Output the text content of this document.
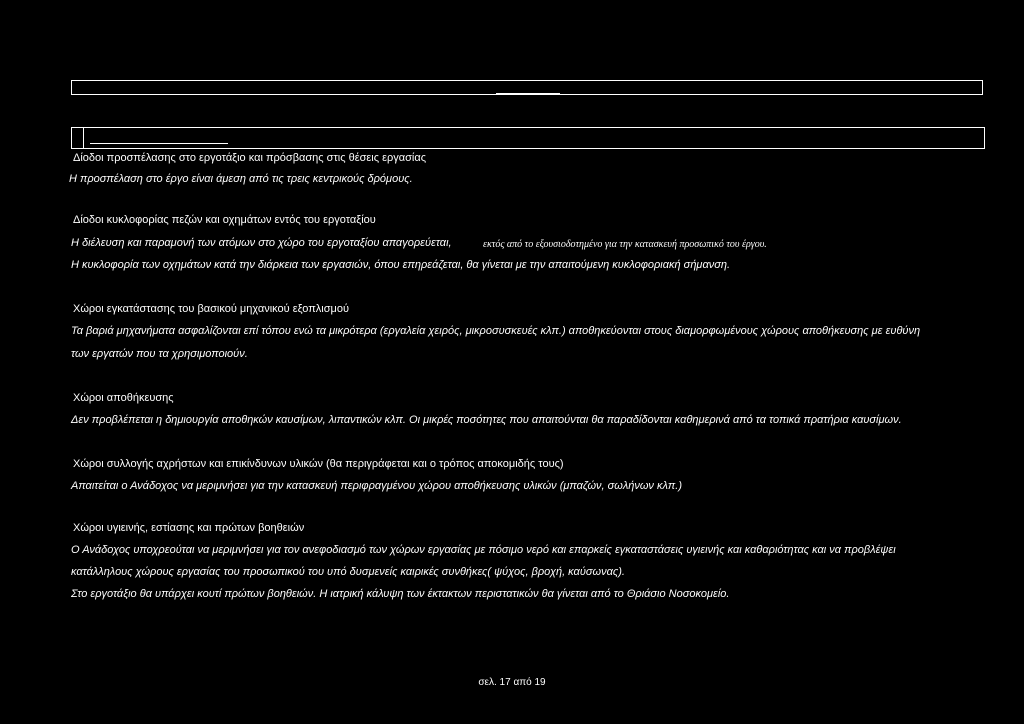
Δίοδοι προσπέλασης στο εργοτάξιο και πρόσβασης στις θέσεις εργασίας
Η προσπέλαση στο έργο είναι άμεση από τις τρεις κεντρικούς δρόμους.
Δίοδοι κυκλοφορίας πεζών και οχημάτων εντός του εργοταξίου
Η διέλευση και παραμονή των ατόμων στο χώρο του εργοταξίου απαγορεύεται,	εκτός από το εξουσιοδοτημένο για την κατασκευή προσωπικό του έργου.
Η κυκλοφορία των οχημάτων κατά την διάρκεια των εργασιών, όπου επηρεάζεται, θα γίνεται με την απαιτούμενη κυκλοφοριακή σήμανση.
Χώροι εγκατάστασης του βασικού μηχανικού εξοπλισμού
Τα βαριά μηχανήματα ασφαλίζονται επί τόπου ενώ τα μικρότερα (εργαλεία χειρός, μικροσυσκευές κλπ.) αποθηκεύονται στους διαμορφωμένους χώρους αποθήκευσης με ευθύνη
των εργατών που τα χρησιμοποιούν.
Χώροι αποθήκευσης
Δεν προβλέπεται η δημιουργία αποθηκών καυσίμων, λιπαντικών κλπ. Οι μικρές ποσότητες που απαιτούνται θα παραδίδονται καθημερινά από τα τοπικά πρατήρια καυσίμων.
Χώροι συλλογής αχρήστων και επικίνδυνων υλικών (θα περιγράφεται και ο τρόπος αποκομιδής τους)
Απαιτείται ο Ανάδοχος να μεριμνήσει για την κατασκευή περιφραγμένου χώρου αποθήκευσης υλικών (μπαζών, σωλήνων κλπ.)
Χώροι υγιεινής, εστίασης και πρώτων βοηθειών
Ο Ανάδοχος υποχρεούται να μεριμνήσει για τον ανεφοδιασμό των χώρων εργασίας με πόσιμο νερό και επαρκείς εγκαταστάσεις υγιεινής και καθαριότητας και να προβλέψει
κατάλληλους χώρους εργασίας του προσωπικού του υπό δυσμενείς καιρικές συνθήκες( ψύχος, βροχή, καύσωνας).
Στο εργοτάξιο θα υπάρχει κουτί πρώτων βοηθειών. Η ιατρική κάλυψη των έκτακτων περιστατικών θα γίνεται από το Θριάσιο Νοσοκομείο.
σελ. 17 από 19
